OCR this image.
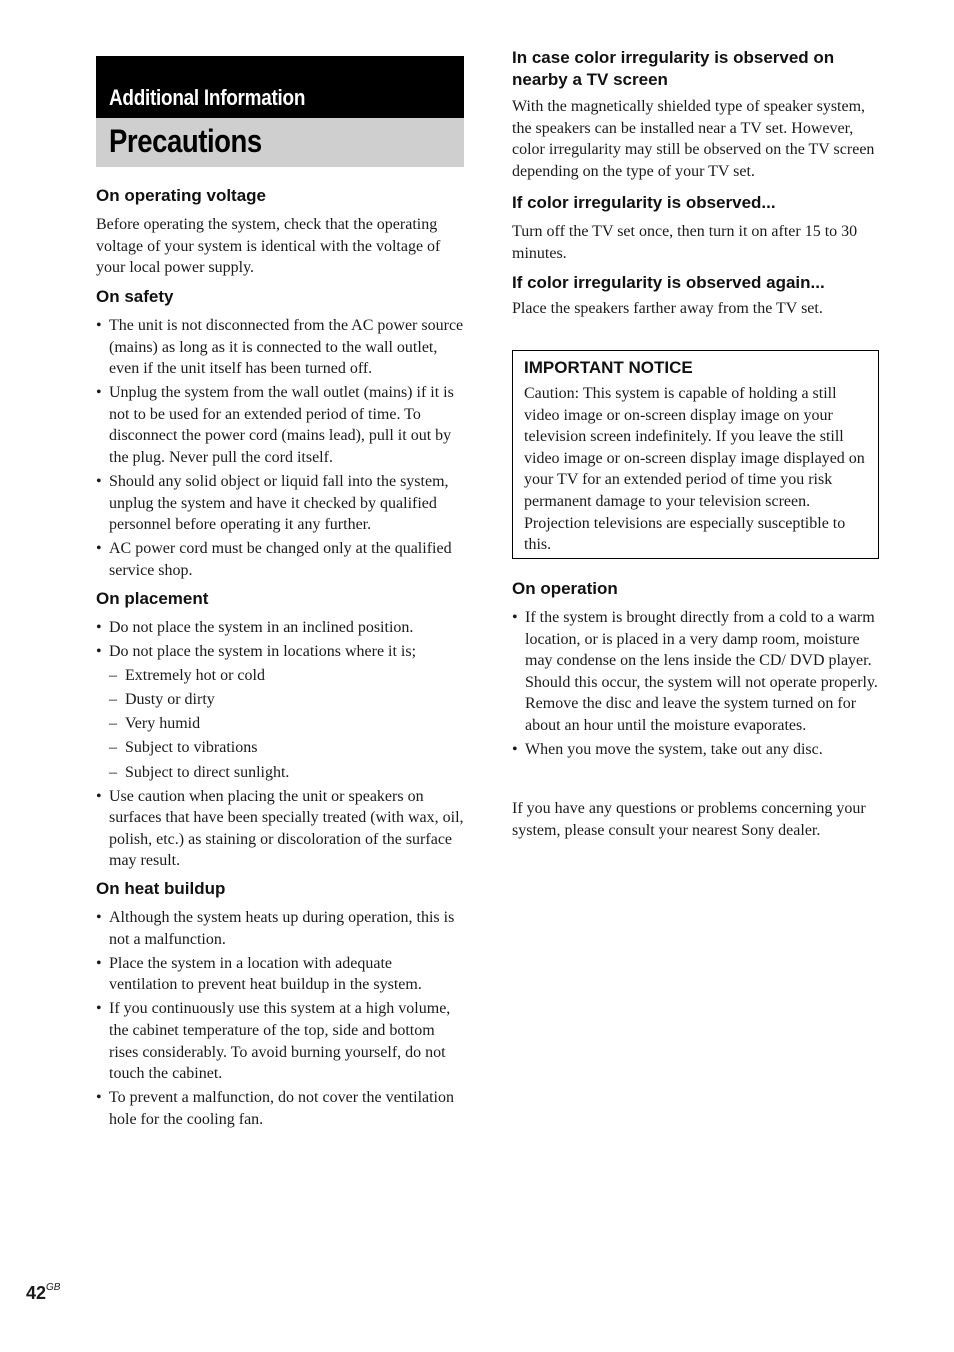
Additional Information
Precautions
On operating voltage

Before operating the system, check that the operating voltage of your system is identical with the voltage of your local power supply.

On safety
• The unit is not disconnected from the AC power source (mains) as long as it is connected to the wall outlet, even if the unit itself has been turned off.
• Unplug the system from the wall outlet (mains) if it is not to be used for an extended period of time. To disconnect the power cord (mains lead), pull it out by the plug. Never pull the cord itself.
• Should any solid object or liquid fall into the system, unplug the system and have it checked by qualified personnel before operating it any further.
• AC power cord must be changed only at the qualified service shop.
On placement
• Do not place the system in an inclined position.
• Do not place the system in locations where it is;
– Extremely hot or cold
– Dusty or dirty
– Very humid
– Subject to vibrations
– Subject to direct sunlight.
• Use caution when placing the unit or speakers on surfaces that have been specially treated (with wax, oil, polish, etc.) as staining or discoloration of the surface may result.
On heat buildup
• Although the system heats up during operation, this is not a malfunction.
• Place the system in a location with adequate ventilation to prevent heat buildup in the system.
• If you continuously use this system at a high volume, the cabinet temperature of the top, side and bottom rises considerably. To avoid burning yourself, do not touch the cabinet.
• To prevent a malfunction, do not cover the ventilation hole for the cooling fan.
In case color irregularity is observed on nearby a TV screen

With the magnetically shielded type of speaker system, the speakers can be installed near a TV set. However, color irregularity may still be observed on the TV screen depending on the type of your TV set.

If color irregularity is observed...

Turn off the TV set once, then turn it on after 15 to 30 minutes.

If color irregularity is observed again...

Place the speakers farther away from the TV set.

IMPORTANT NOTICE

Caution: This system is capable of holding a still video image or on-screen display image on your television screen indefinitely. If you leave the still video image or on-screen display image displayed on your TV for an extended period of time you risk permanent damage to your television screen. Projection televisions are especially susceptible to this.

On operation
• If the system is brought directly from a cold to a warm location, or is placed in a very damp room, moisture may condense on the lens inside the CD/ DVD player. Should this occur, the system will not operate properly. Remove the disc and leave the system turned on for about an hour until the moisture evaporates.
• When you move the system, take out any disc.

If you have any questions or problems concerning your system, please consult your nearest Sony dealer.

$42^{GB}$
